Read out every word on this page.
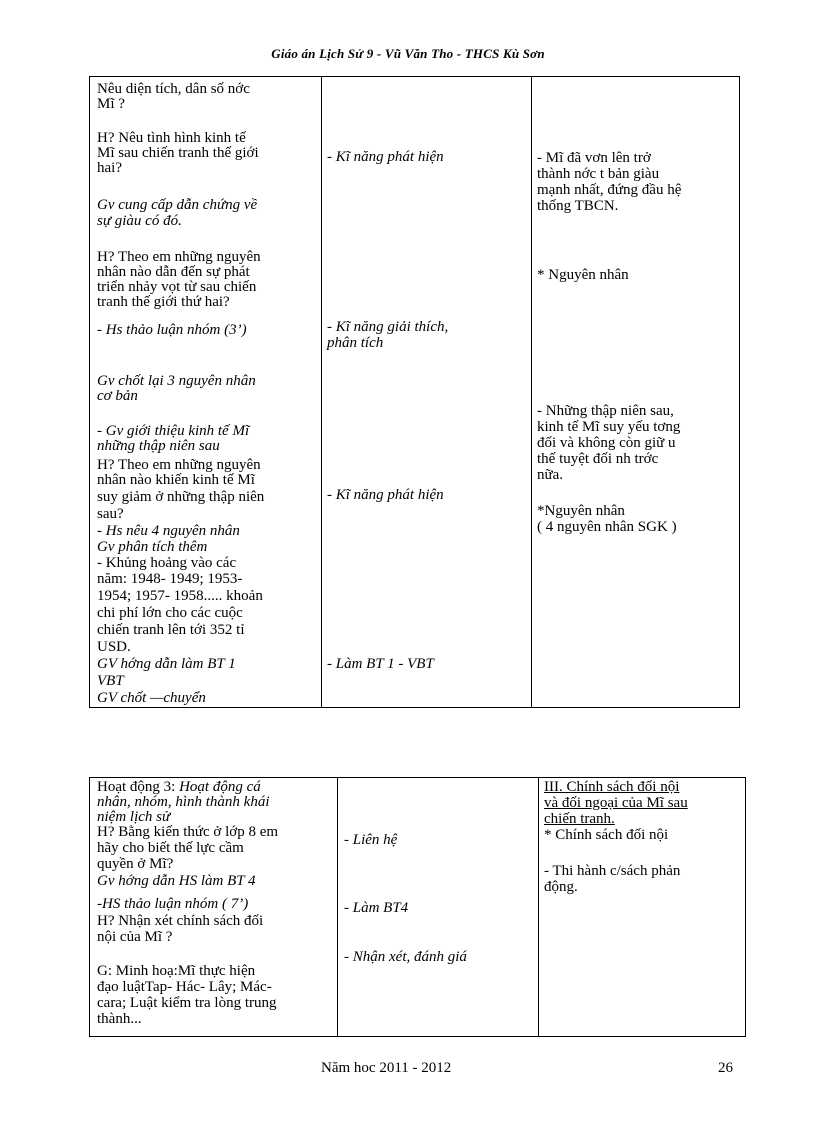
Giáo án Lịch Sử 9 - Vũ Văn Tho - THCS Kù Sơn
Nêu diện tích, dân số nớc
Mĩ ?
H? Nêu tình hình kinh tế
Mĩ sau chiến tranh thế giới
hai?
Gv cung cấp dẫn chứng về
sự giàu có đó.
H? Theo em những nguyên
nhân nào dẫn đến sự phát
triển nhảy vọt từ sau chiến
tranh thế giới thứ hai?
- Hs thảo luận nhóm (3’)
Gv chốt lại 3 nguyên nhân
cơ bản
- Gv giới thiệu kinh tế Mĩ
những thập niên sau
H? Theo em những nguyên
nhân nào khiến kinh tế Mĩ
suy giảm ở những thập niên
sau?
- Hs nêu 4 nguyên nhân
Gv phân tích thêm
- Khủng hoảng vào các
năm: 1948- 1949; 1953-
1954; 1957- 1958..... khoản
chi phí lớn cho các cuộc
chiến tranh lên tới 352 tỉ
USD.
GV hớng dẫn làm BT 1
VBT
GV chốt —chuyển
- Kĩ năng phát hiện
- Kĩ năng giải thích,
phân tích
- Kĩ năng phát hiện
- Làm BT 1 - VBT
- Mĩ đã vơn lên trở
thành nớc t bản giàu
mạnh nhất, đứng đầu hệ
thống TBCN.
* Nguyên nhân
- Những thập niên sau,
kinh tế Mĩ suy yếu tơng
đối và không còn giữ u
thế tuyệt đối nh trớc
nữa.
*Nguyên nhân
( 4 nguyên nhân SGK )
Hoạt động 3: Hoạt động cá
nhân, nhóm, hình thành khái
niệm lịch sử
H? Bằng kiến thức ở lớp 8 em
hãy cho biết thế lực cầm
quyền ở Mĩ?
Gv hớng dẫn HS làm BT 4
-HS thảo luận nhóm ( 7’)
H? Nhận xét chính sách đối
nội của Mĩ ?
G: Minh hoạ:Mĩ thực hiện
đạo luậtTap- Hác- Lây; Mác-
cara; Luật kiểm tra lòng trung
thành...
- Liên hệ
- Làm BT4
- Nhận xét, đánh giá
III. Chính sách đối nội
và đối ngoại của Mĩ sau
chiến tranh.
* Chính sách đối nội
- Thi hành c/sách phản
động.
Năm hoc 2011 - 2012	26
